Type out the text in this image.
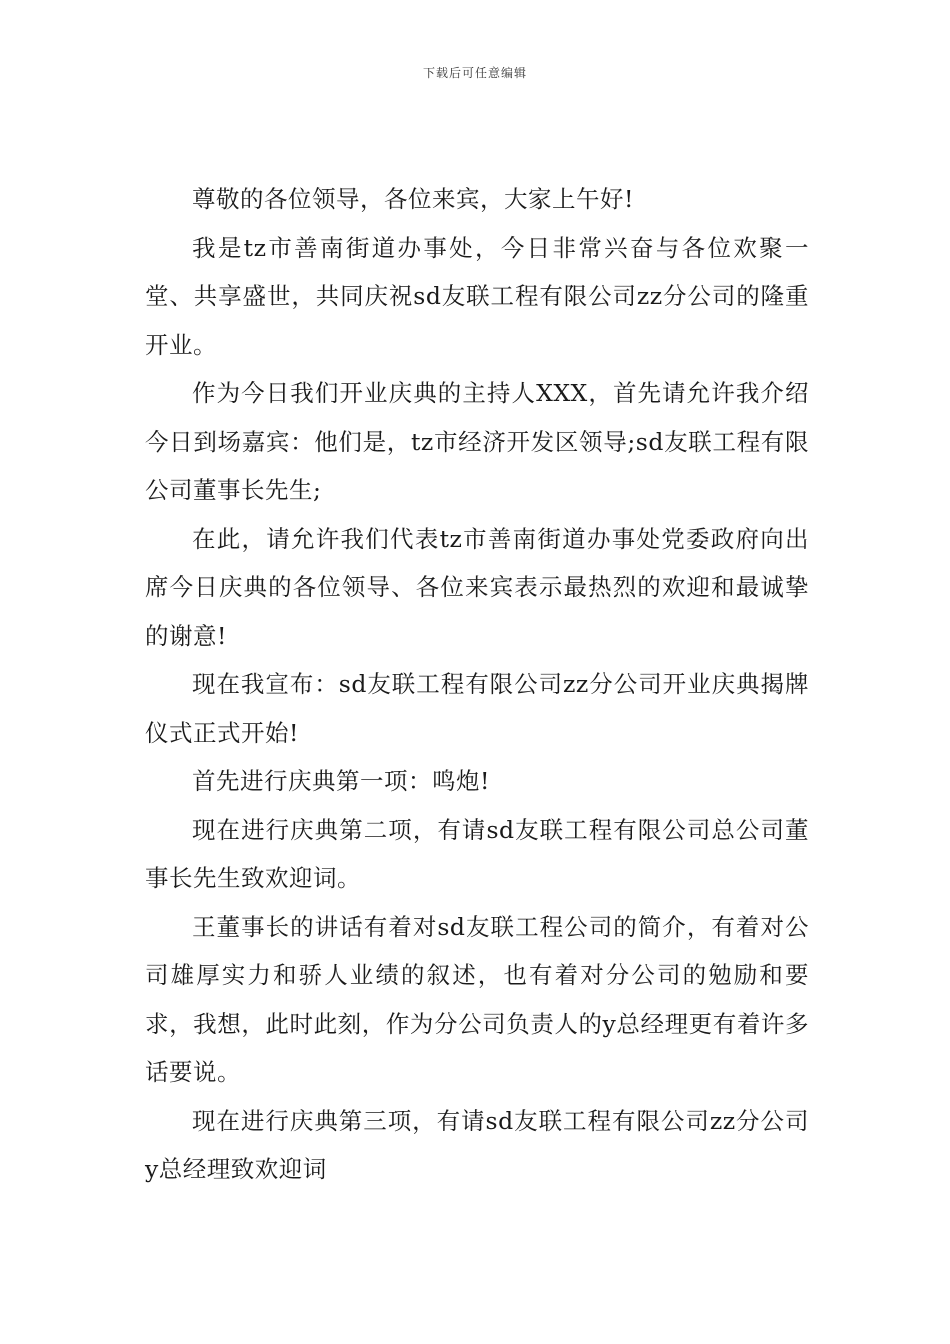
下载后可任意编辑

尊敬的各位领导，各位来宾，大家上午好!

我是tz市善南街道办事处，今日非常兴奋与各位欢聚一堂、共享盛世，共同庆祝sd友联工程有限公司zz分公司的隆重开业。

作为今日我们开业庆典的主持人XXX，首先请允许我介绍今日到场嘉宾：他们是，tz市经济开发区领导;sd友联工程有限公司董事长先生;

在此，请允许我们代表tz市善南街道办事处党委政府向出席今日庆典的各位领导、各位来宾表示最热烈的欢迎和最诚挚的谢意!

现在我宣布：sd友联工程有限公司zz分公司开业庆典揭牌仪式正式开始!

首先进行庆典第一项：鸣炮!

现在进行庆典第二项，有请sd友联工程有限公司总公司董事长先生致欢迎词。

王董事长的讲话有着对sd友联工程公司的简介，有着对公司雄厚实力和骄人业绩的叙述，也有着对分公司的勉励和要求，我想，此时此刻，作为分公司负责人的y总经理更有着许多话要说。

现在进行庆典第三项，有请sd友联工程有限公司zz分公司y总经理致欢迎词
